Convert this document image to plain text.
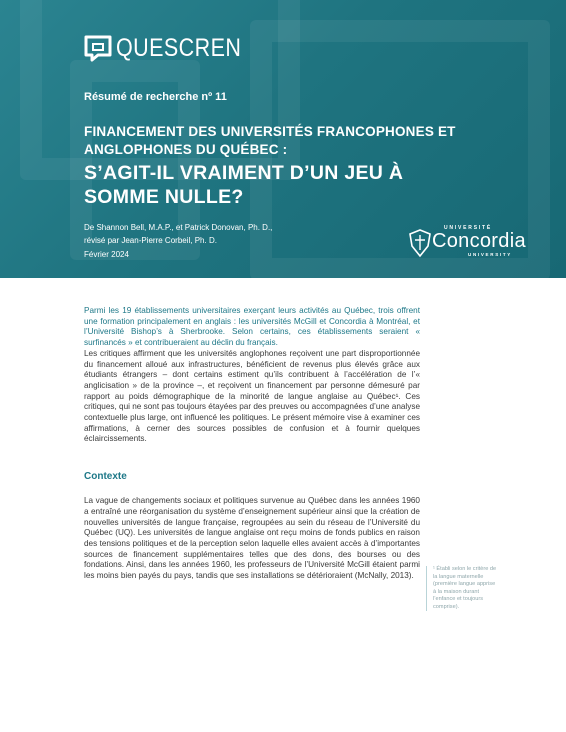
QUESCREN
Résumé de recherche nº 11
FINANCEMENT DES UNIVERSITÉS FRANCOPHONES ET ANGLOPHONES DU QUÉBEC :
S’AGIT-IL VRAIMENT D’UN JEU À SOMME NULLE?
De Shannon Bell, M.A.P., et Patrick Donovan, Ph. D.,
révisé par Jean-Pierre Corbeil, Ph. D.
Février 2024
UNIVERSITÉ
Concordia
UNIVERSITY

Parmi les 19 établissements universitaires exerçant leurs activités au Québec, trois offrent une formation principalement en anglais : les universités McGill et Concordia à Montréal, et l’Université Bishop’s à Sherbrooke. Selon certains, ces établissements seraient « surfinancés » et contribueraient au déclin du français.

Les critiques affirment que les universités anglophones reçoivent une part disproportionnée du financement alloué aux infrastructures, bénéficient de revenus plus élevés grâce aux étudiants étrangers – dont certains estiment qu’ils contribuent à l’accélération de l’« anglicisation » de la province –, et reçoivent un financement par personne démesuré par rapport au poids démographique de la minorité de langue anglaise au Québec¹. Ces critiques, qui ne sont pas toujours étayées par des preuves ou accompagnées d’une analyse contextuelle plus large, ont influencé les politiques. Le présent mémoire vise à examiner ces affirmations, à cerner des sources possibles de confusion et à fournir quelques éclaircissements.

Contexte

La vague de changements sociaux et politiques survenue au Québec dans les années 1960 a entraîné une réorganisation du système d’enseignement supérieur ainsi que la création de nouvelles universités de langue française, regroupées au sein du réseau de l’Université du Québec (UQ). Les universités de langue anglaise ont reçu moins de fonds publics en raison des tensions politiques et de la perception selon laquelle elles avaient accès à d’importantes sources de financement supplémentaires telles que des dons, des bourses ou des fondations. Ainsi, dans les années 1960, les professeurs de l’Université McGill étaient parmi les moins bien payés du pays, tandis que ses installations se détérioraient (McNally, 2013).

¹ Établi selon le critère de la langue maternelle (première langue apprise à la maison durant l’enfance et toujours comprise).
